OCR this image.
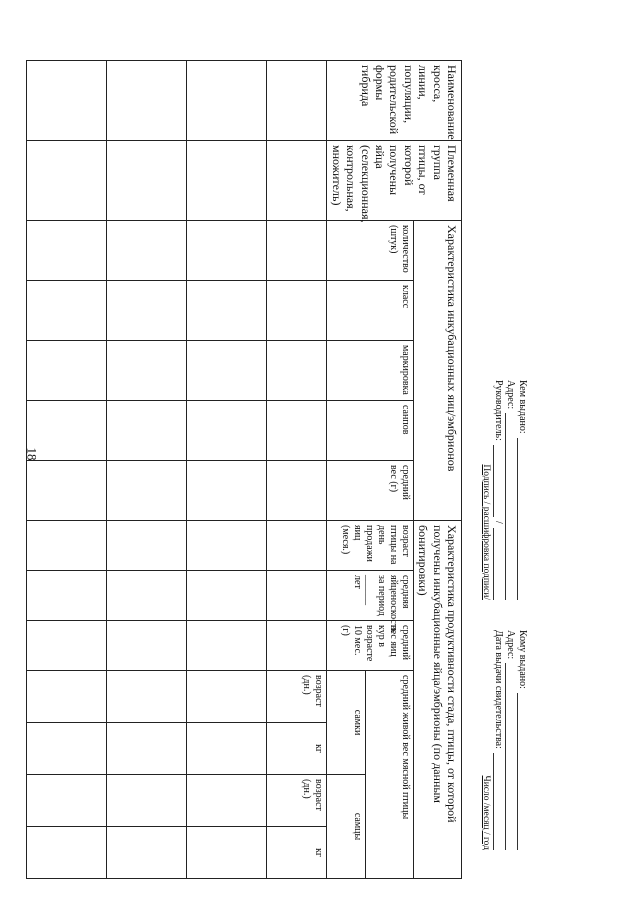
18
Наименование кросса, линии, популяции, родительской формы гибрида	Племенная группа птицы, от которой получены яйца (селекционная, контрольная, множитель)	Характеристика инкубационных яиц/эмбрионов					Характеристика продуктивности стада, птицы, от которой получены инкубационные яйца/эмбрионы (по данным бонитировки)						
		количество (штук)	класс	маркировка	санпов	средний вес (г)	возраст птицы на день продажи яиц (меся.)	средняя яйценоскость за период ______ лет	средний вес яиц кур в возрасте 10 мес. (г)	средний живой вес мясной птицы			
										самки		самцы	
										возраст (дн.)	кг	возраст (дн.)	кг

Кем выдано:
Адрес:
Руководитель:
/
Подпись / расшифровка подписи/
Кому выдано:
Адрес:
Дата выдачи свидетельства:
Число /месяц / год
